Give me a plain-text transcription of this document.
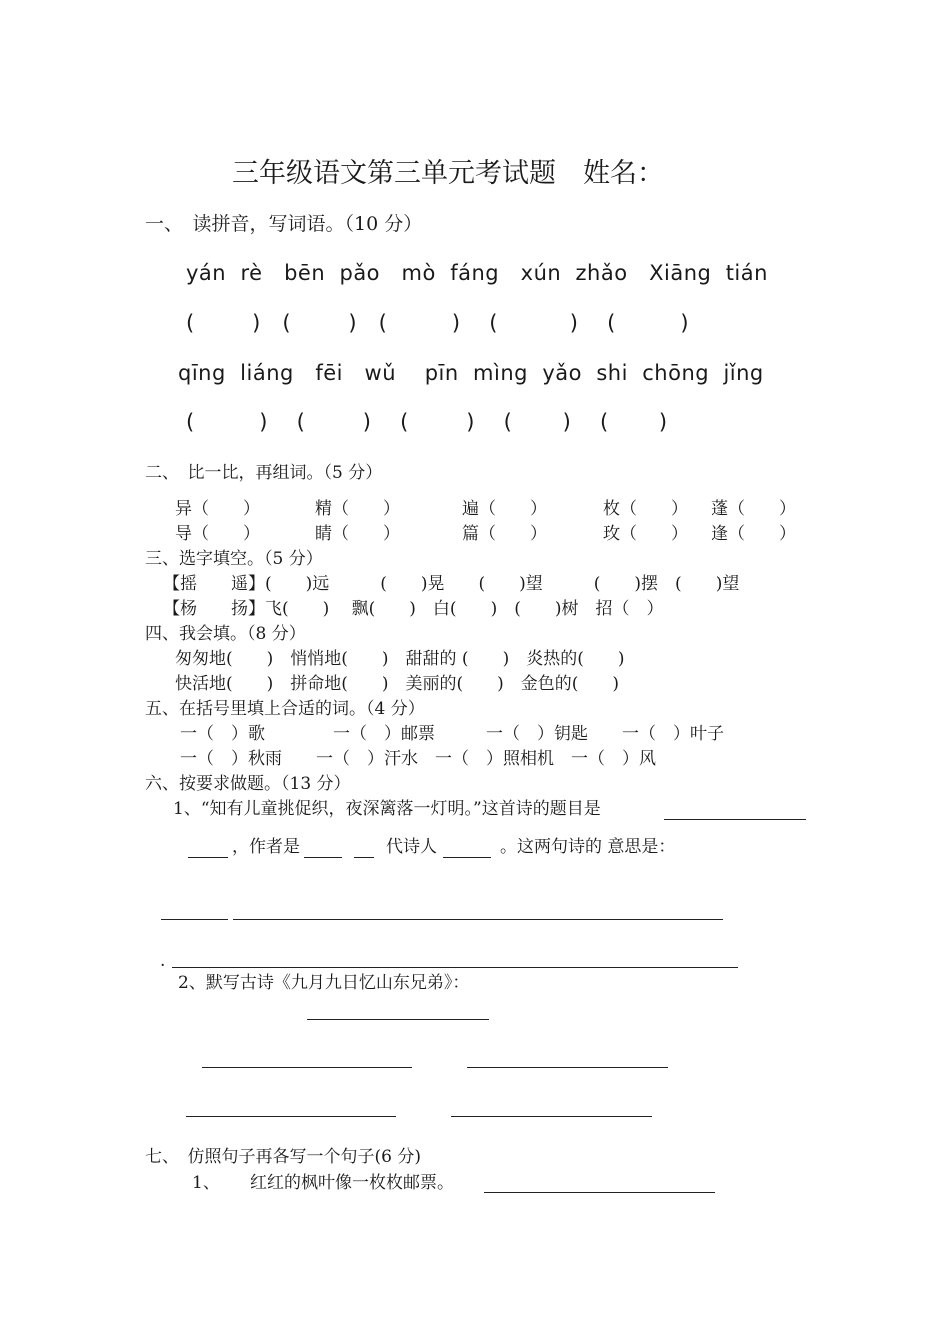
三年级语文第三单元考试题　姓名：
一、　读拼音，写词语。（10 分）
yán  rè   bēn  pǎo   mò  fáng   xún  zhǎo   Xiāng  tián
(        )   (        )   (         )    (          )    (         )
qīng  liáng   fēi   wǔ    pīn  mìng  yǎo  shi  chōng  jǐng
(         )    (        )    (        )    (       )    (       )
二、　比一比，再组词。（5 分）
异（　　）	精（　　）	遍（　　）	枚（　　） 蓬（　　）
导（　　）	睛（　　）	篇（　　）	玫（　　） 逢（　　）
三、选字填空。（5 分）
【摇　　遥】(　　)远　　　(　　)晃　　(　　)望　　　(　　)摆　(　　)望
【杨　　扬】飞(　　)　 飘(　　)　白(　　)　(　　)树　招（　）
四、我会填。（8 分）
匆匆地(　　)　悄悄地(　　)　甜甜的 (　　)　炎热的(　　)
快活地(　　)　拼命地(　　)　美丽的(　　)　金色的(　　)
五、在括号里填上合适的词。（4 分）
一（　）歌　　　　一（　）邮票　　　一（　）钥匙　　一（　）叶子
一（　）秋雨　　一（　）汗水　一（　）照相机　一（　）风
六、按要求做题。（13 分）
1、“知有儿童挑促织，夜深篱落一灯明。”这首诗的题目是
，作者是	代诗人	。这两句诗的 意思是：
.
2、默写古诗《九月九日忆山东兄弟》：
七、　仿照句子再各写一个句子(6 分)
1、 红红的枫叶像一枚枚邮票。
